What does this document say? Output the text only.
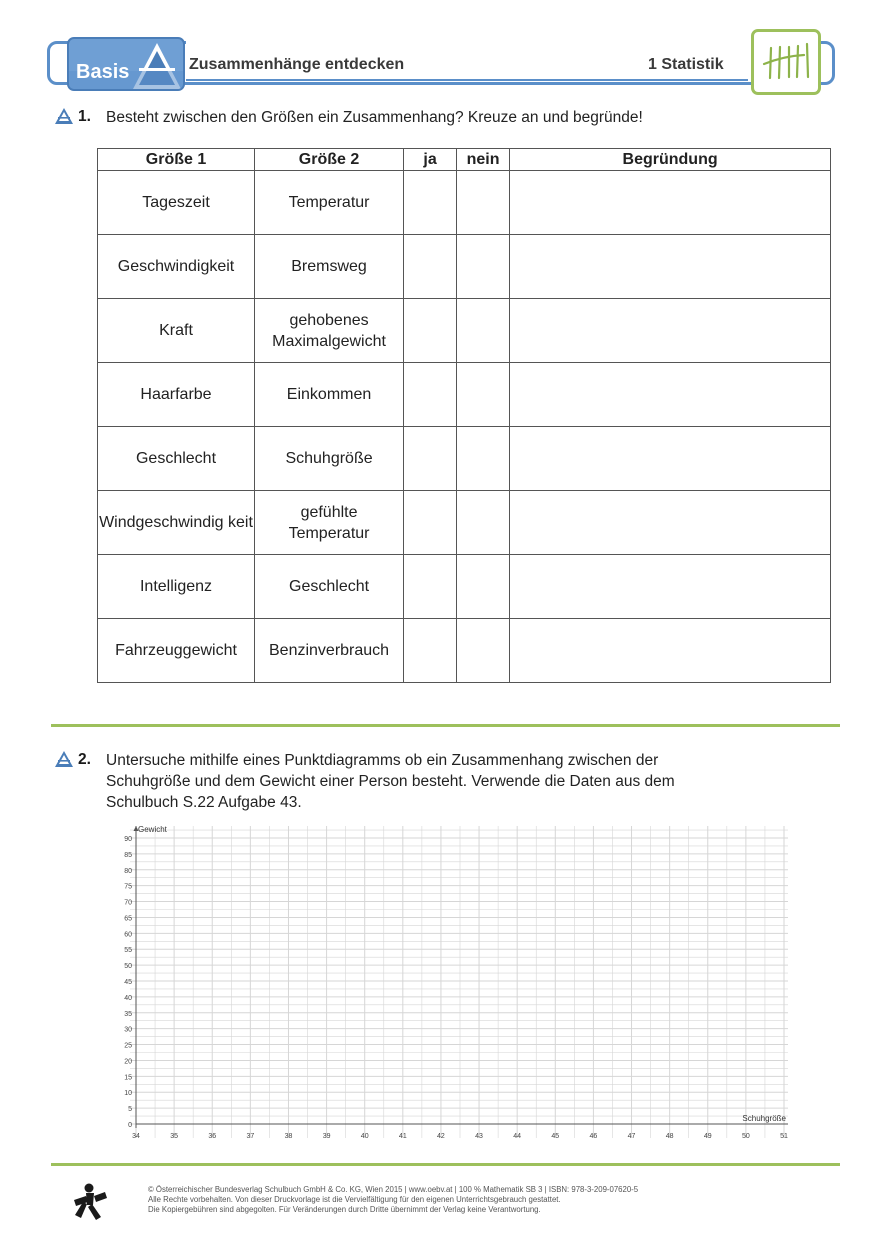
Basis	Zusammenhänge entdecken	1 Statistik
1. Besteht zwischen den Größen ein Zusammenhang? Kreuze an und begründe!
Größe 1	Größe 2	ja	nein	Begründung
Tageszeit	Temperatur			
Geschwindigkeit	Bremsweg			
Kraft	gehobenes Maximalgewicht			
Haarfarbe	Einkommen			
Geschlecht	Schuhgröße			
Windgeschwindig keit	gefühlte Temperatur			
Intelligenz	Geschlecht			
Fahrzeuggewicht	Benzinverbrauch			
2. Untersuche mithilfe eines Punktdiagramms ob ein Zusammenhang zwischen der
Schuhgröße und dem Gewicht einer Person besteht. Verwende die Daten aus dem
Schulbuch S.22 Aufgabe 43.
0
5
10
15
20
25
30
35
40
45
50
55
60
65
70
75
80
85
90
34	35	36	37	38	39	40	41	42	43	44	45	46	47	48	49	50	51
Gewicht
Schuhgröße
© Österreichischer Bundesverlag Schulbuch GmbH & Co. KG, Wien 2015 | www.oebv.at | 100 % Mathematik SB 3 | ISBN: 978-3-209-07620-5
Alle Rechte vorbehalten. Von dieser Druckvorlage ist die Vervielfältigung für den eigenen Unterrichtsgebrauch gestattet.
Die Kopiergebühren sind abgegolten. Für Veränderungen durch Dritte übernimmt der Verlag keine Verantwortung.
